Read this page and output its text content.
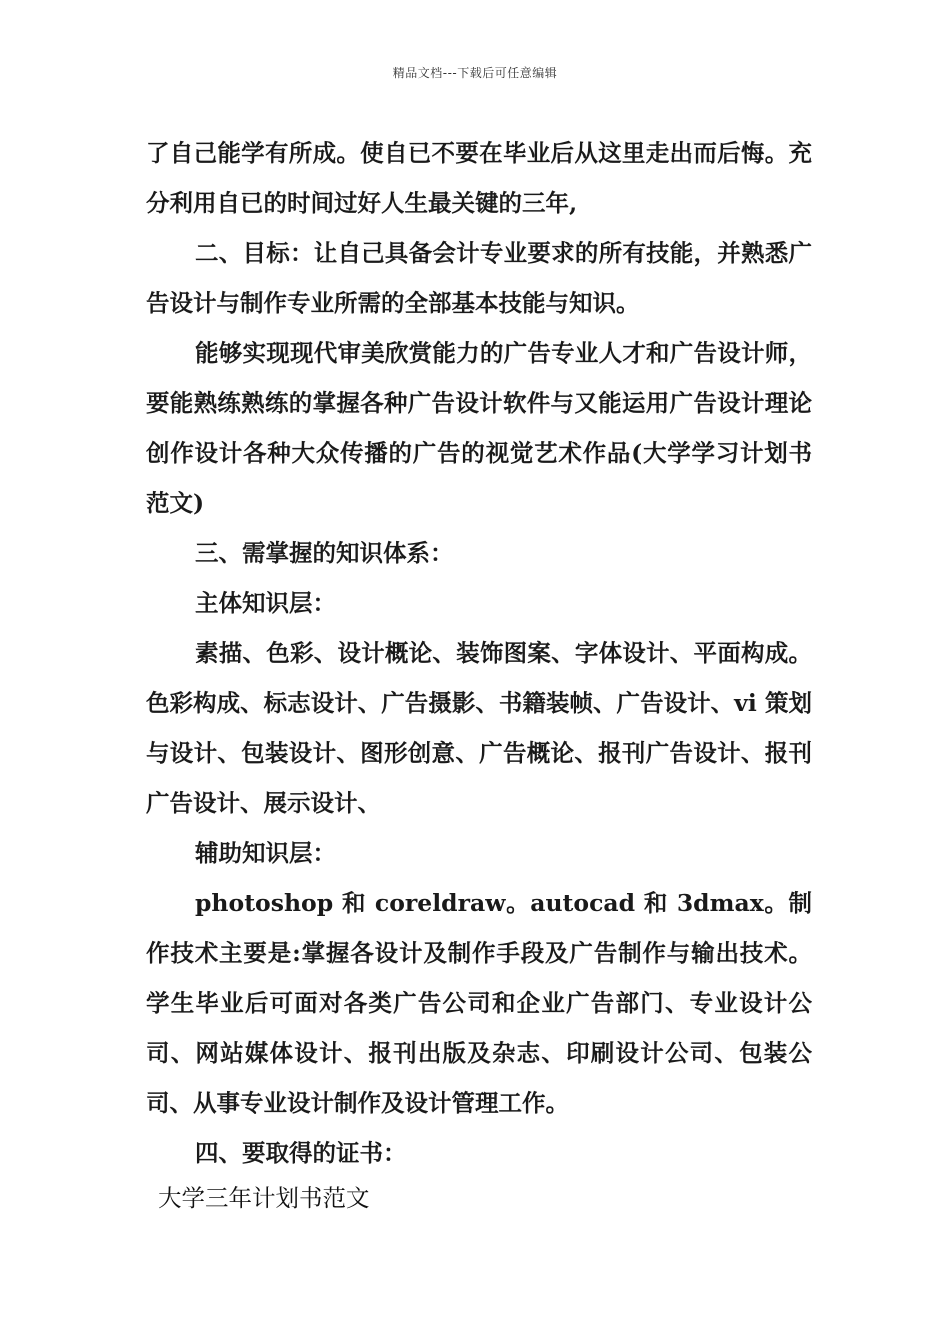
精品文档---下载后可任意编辑

了自己能学有所成。使自已不要在毕业后从这里走出而后悔。充分利用自已的时间过好人生最关键的三年,

二、目标：让自己具备会计专业要求的所有技能，并熟悉广告设计与制作专业所需的全部基本技能与知识。

能够实现现代审美欣赏能力的广告专业人才和广告设计师，要能熟练熟练的掌握各种广告设计软件与又能运用广告设计理论创作设计各种大众传播的广告的视觉艺术作品(大学学习计划书范文)

三、需掌握的知识体系：

主体知识层：

素描、色彩、设计概论、装饰图案、字体设计、平面构成。色彩构成、标志设计、广告摄影、书籍装帧、广告设计、vi 策划与设计、包装设计、图形创意、广告概论、报刊广告设计、报刊广告设计、展示设计、

辅助知识层：

photoshop 和 coreldraw。autocad 和 3dmax。制作技术主要是:掌握各设计及制作手段及广告制作与输出技术。学生毕业后可面对各类广告公司和企业广告部门、专业设计公司、网站媒体设计、报刊出版及杂志、印刷设计公司、包装公司、从事专业设计制作及设计管理工作。

四、要取得的证书：

大学三年计划书范文
